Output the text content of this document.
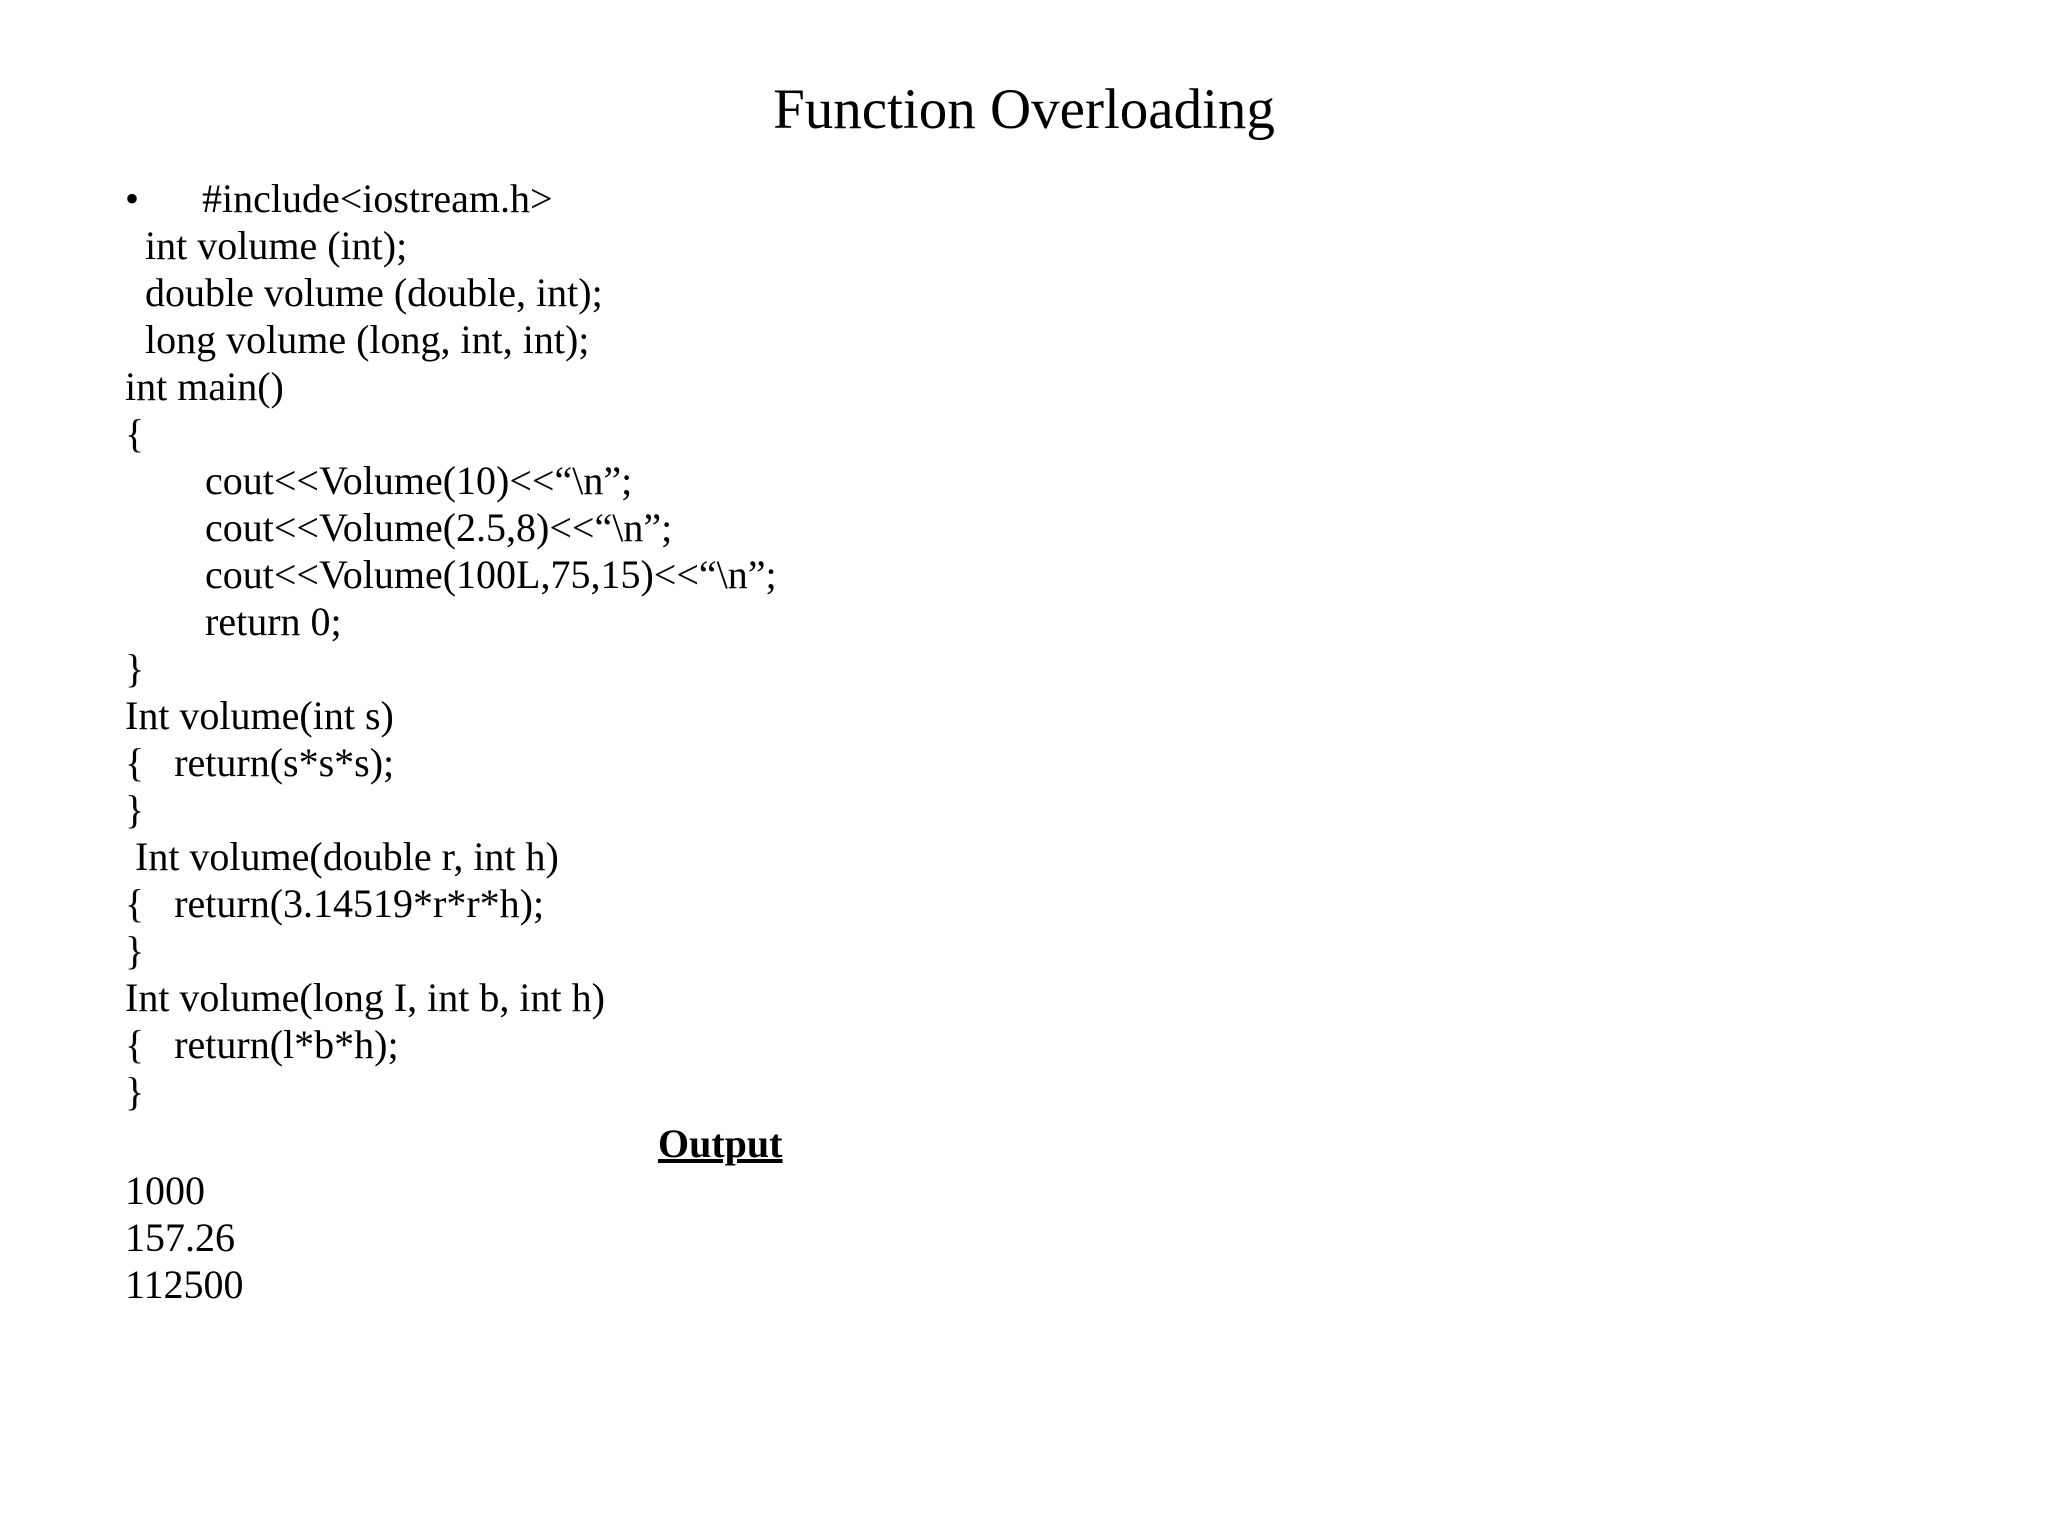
Function Overloading
• #include<iostream.h>
int volume (int);
double volume (double, int);
long volume (long, int, int);
int main()
{
cout<<Volume(10)<<“\n”;
cout<<Volume(2.5,8)<<“\n”;
cout<<Volume(100L,75,15)<<“\n”;
return 0;
}
Int volume(int s)
{   return(s*s*s);
}
Int volume(double r, int h)
{   return(3.14519*r*r*h);
}
Int volume(long I, int b, int h)
{   return(l*b*h);
}
Output
1000
157.26
112500
